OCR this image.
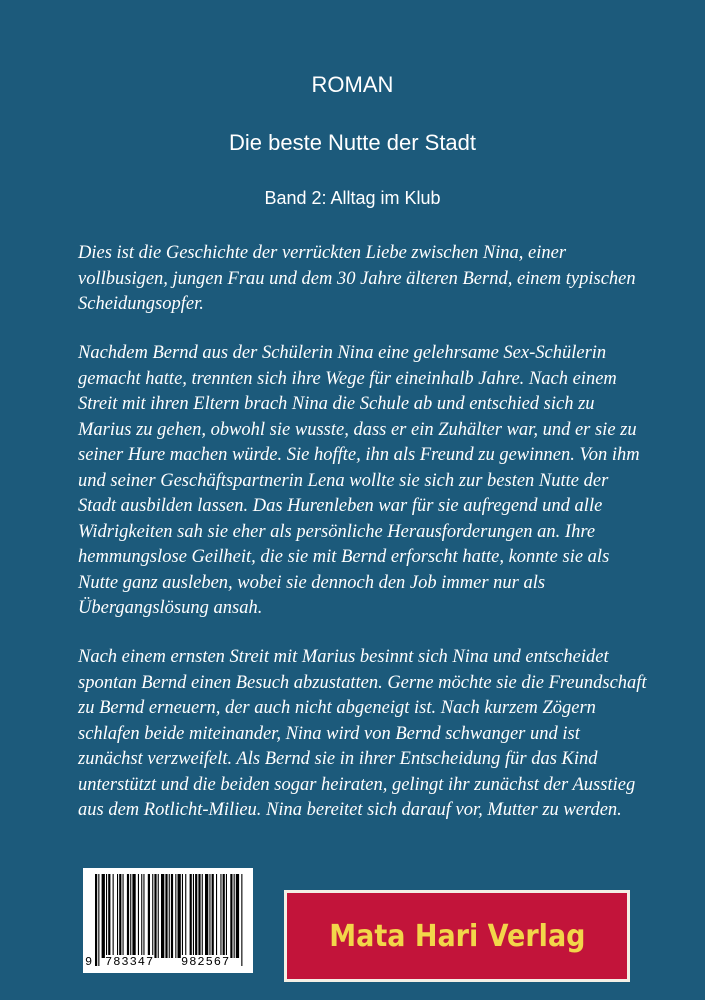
ROMAN
Die beste Nutte der Stadt
Band 2: Alltag im Klub

Dies ist die Geschichte der verrückten Liebe zwischen Nina, einer vollbusigen, jungen Frau und dem 30 Jahre älteren Bernd, einem typischen Scheidungsopfer.

Nachdem Bernd aus der Schülerin Nina eine gelehrsame Sex-Schülerin gemacht hatte, trennten sich ihre Wege für eineinhalb Jahre. Nach einem Streit mit ihren Eltern brach Nina die Schule ab und entschied sich zu Marius zu gehen, obwohl sie wusste, dass er ein Zuhälter war, und er sie zu seiner Hure machen würde. Sie hoffte, ihn als Freund zu gewinnen. Von ihm und seiner Geschäftspartnerin Lena wollte sie sich zur besten Nutte der Stadt ausbilden lassen. Das Hurenleben war für sie aufregend und alle Widrigkeiten sah sie eher als persönliche Herausforderungen an. Ihre hemmungslose Geilheit, die sie mit Bernd erforscht hatte, konnte sie als Nutte ganz ausleben, wobei sie dennoch den Job immer nur als Übergangslösung ansah.

Nach einem ernsten Streit mit Marius besinnt sich Nina und entscheidet spontan Bernd einen Besuch abzustatten. Gerne möchte sie die Freundschaft zu Bernd erneuern, der auch nicht abgeneigt ist. Nach kurzem Zögern schlafen beide miteinander, Nina wird von Bernd schwanger und ist zunächst verzweifelt. Als Bernd sie in ihrer Entscheidung für das Kind unterstützt und die beiden sogar heiraten, gelingt ihr zunächst der Ausstieg aus dem Rotlicht-Milieu. Nina bereitet sich darauf vor, Mutter zu werden.

9 783347 982567
Mata Hari Verlag
